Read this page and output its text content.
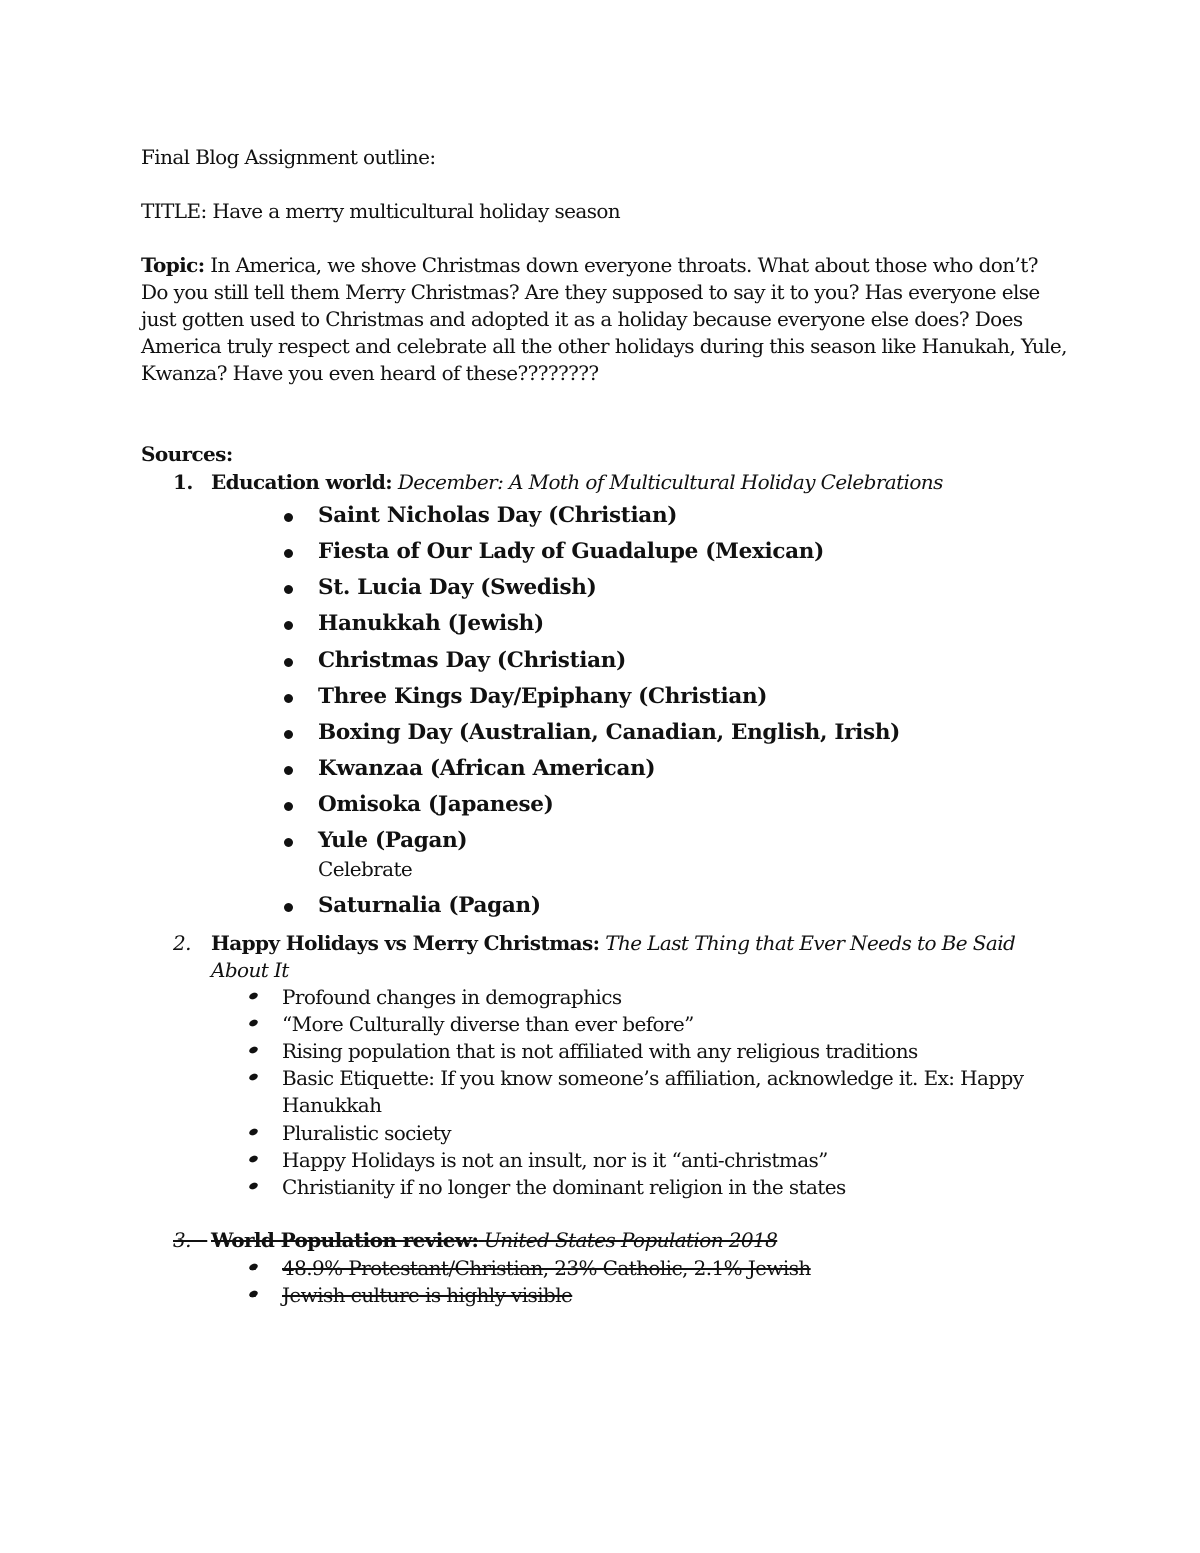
Final Blog Assignment outline:
TITLE: Have a merry multicultural holiday season
Topic: In America, we shove Christmas down everyone throats. What about those who don’t?
Do you still tell them Merry Christmas? Are they supposed to say it to you? Has everyone else
just gotten used to Christmas and adopted it as a holiday because everyone else does? Does
America truly respect and celebrate all the other holidays during this season like Hanukah, Yule,
Kwanza? Have you even heard of these????????
Sources:
1. Education world: December: A Moth of Multicultural Holiday Celebrations
Saint Nicholas Day (Christian)
Fiesta of Our Lady of Guadalupe (Mexican)
St. Lucia Day (Swedish)
Hanukkah (Jewish)
Christmas Day (Christian)
Three Kings Day/Epiphany (Christian)
Boxing Day (Australian, Canadian, English, Irish)
Kwanzaa (African American)
Omisoka (Japanese)
Yule (Pagan)
Celebrate
Saturnalia (Pagan)
2. Happy Holidays vs Merry Christmas: The Last Thing that Ever Needs to Be Said
About It
Profound changes in demographics
“More Culturally diverse than ever before”
Rising population that is not affiliated with any religious traditions
Basic Etiquette: If you know someone’s affiliation, acknowledge it. Ex: Happy
Hanukkah
Pluralistic society
Happy Holidays is not an insult, nor is it “anti-christmas”
Christianity if no longer the dominant religion in the states
3.
World Population review: United States Population 2018

48.9% Protestant/Christian, 23% Catholic, 2.1% Jewish

Jewish culture is highly visible
